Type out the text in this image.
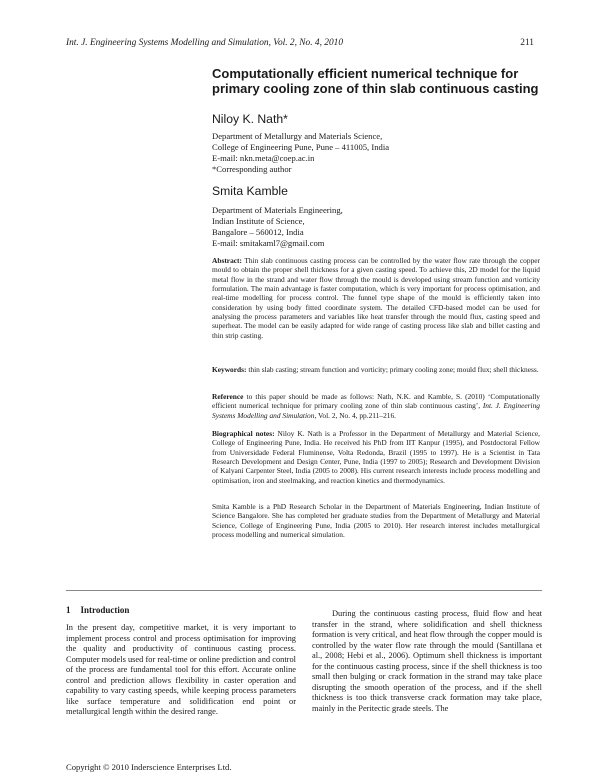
Int. J. Engineering Systems Modelling and Simulation, Vol. 2, No. 4, 2010	211
Computationally efficient numerical technique for primary cooling zone of thin slab continuous casting
Niloy K. Nath*
Department of Metallurgy and Materials Science,
College of Engineering Pune, Pune – 411005, India
E-mail: nkn.meta@coep.ac.in
*Corresponding author
Smita Kamble
Department of Materials Engineering,
Indian Institute of Science,
Bangalore – 560012, India
E-mail: smitakaml7@gmail.com
Abstract: Thin slab continuous casting process can be controlled by the water flow rate through the copper mould to obtain the proper shell thickness for a given casting speed. To achieve this, 2D model for the liquid metal flow in the strand and water flow through the mould is developed using stream function and vorticity formulation. The main advantage is faster computation, which is very important for process optimisation, and real-time modelling for process control. The funnel type shape of the mould is efficiently taken into consideration by using body fitted coordinate system. The detailed CFD-based model can be used for analysing the process parameters and variables like heat transfer through the mould flux, casting speed and superheat. The model can be easily adapted for wide range of casting process like slab and billet casting and thin strip casting.
Keywords: thin slab casting; stream function and vorticity; primary cooling zone; mould flux; shell thickness.
Reference to this paper should be made as follows: Nath, N.K. and Kamble, S. (2010) ‘Computationally efficient numerical technique for primary cooling zone of thin slab continuous casting’, Int. J. Engineering Systems Modelling and Simulation, Vol. 2, No. 4, pp.211–216.
Biographical notes: Niloy K. Nath is a Professor in the Department of Metallurgy and Material Science, College of Engineering Pune, India. He received his PhD from IIT Kanpur (1995), and Postdoctoral Fellow from Universidade Federal Fluminense, Volta Redonda, Brazil (1995 to 1997). He is a Scientist in Tata Research Development and Design Center, Pune, India (1997 to 2005); Research and Development Division of Kalyani Carpenter Steel, India (2005 to 2008). His current research interests include process modelling and optimisation, iron and steelmaking, and reaction kinetics and thermodynamics.
Smita Kamble is a PhD Research Scholar in the Department of Materials Engineering, Indian Institute of Science Bangalore. She has completed her graduate studies from the Department of Metallurgy and Material Science, College of Engineering Pune, India (2005 to 2010). Her research interest includes metallurgical process modelling and numerical simulation.
1 Introduction
In the present day, competitive market, it is very important to implement process control and process optimisation for improving the quality and productivity of continuous casting process. Computer models used for real-time or online prediction and control of the process are fundamental tool for this effort. Accurate online control and prediction allows flexibility in caster operation and capability to vary casting speeds, while keeping process parameters like surface temperature and solidification end point or metallurgical length within the desired range.
During the continuous casting process, fluid flow and heat transfer in the strand, where solidification and shell thickness formation is very critical, and heat flow through the copper mould is controlled by the water flow rate through the mould (Santillana et al., 2008; Hebi et al., 2006). Optimum shell thickness is important for the continuous casting process, since if the shell thickness is too small then bulging or crack formation in the strand may take place disrupting the smooth operation of the process, and if the shell thickness is too thick transverse crack formation may take place, mainly in the Peritectic grade steels. The
Copyright © 2010 Inderscience Enterprises Ltd.
